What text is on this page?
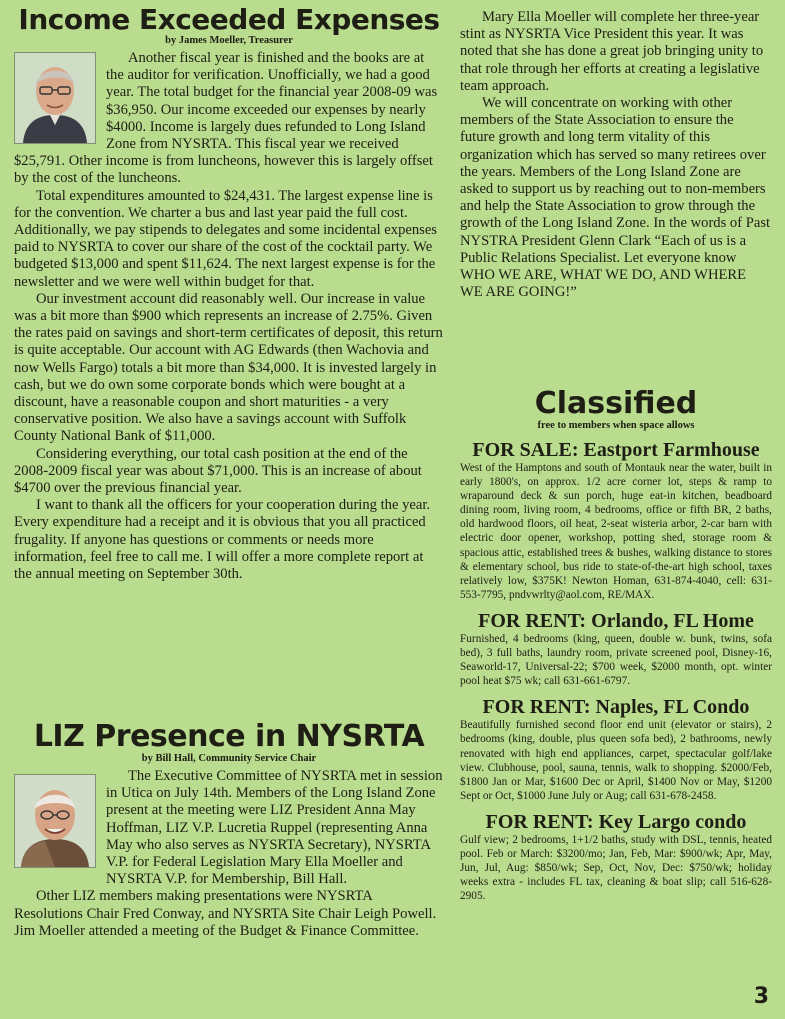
Income Exceeded Expenses
by James Moeller, Treasurer

Another fiscal year is finished and the books are at the auditor for verification. Unofficially, we had a good year. The total budget for the financial year 2008-09 was $36,950. Our income exceeded our expenses by nearly $4000. Income is largely dues refunded to Long Island Zone from NYSRTA. This fiscal year we received $25,791. Other income is from luncheons, however this is largely offset by the cost of the luncheons.

Total expenditures amounted to $24,431. The largest expense line is for the convention. We charter a bus and last year paid the full cost. Additionally, we pay stipends to delegates and some incidental expenses paid to NYSRTA to cover our share of the cost of the cocktail party. We budgeted $13,000 and spent $11,624. The next largest expense is for the newsletter and we were well within budget for that.

Our investment account did reasonably well. Our increase in value was a bit more than $900 which represents an increase of 2.75%. Given the rates paid on savings and short-term certificates of deposit, this return is quite acceptable. Our account with AG Edwards (then Wachovia and now Wells Fargo) totals a bit more than $34,000. It is invested largely in cash, but we do own some corporate bonds which were bought at a discount, have a reasonable coupon and short maturities - a very conservative position. We also have a savings account with Suffolk County National Bank of $11,000.

Considering everything, our total cash position at the end of the 2008-2009 fiscal year was about $71,000. This is an increase of about $4700 over the previous financial year.

I want to thank all the officers for your cooperation during the year. Every expenditure had a receipt and it is obvious that you all practiced frugality. If anyone has questions or comments or needs more information, feel free to call me. I will offer a more complete report at the annual meeting on September 30th.

LIZ Presence in NYSRTA
by Bill Hall, Community Service Chair

The Executive Committee of NYSRTA met in session in Utica on July 14th. Members of the Long Island Zone present at the meeting were LIZ President Anna May Hoffman, LIZ V.P. Lucretia Ruppel (representing Anna May who also serves as NYSRTA Secretary), NYSRTA V.P. for Federal Legislation Mary Ella Moeller and NYSRTA V.P. for Membership, Bill Hall.

Other LIZ members making presentations were NYSRTA Resolutions Chair Fred Conway, and NYSRTA Site Chair Leigh Powell. Jim Moeller attended a meeting of the Budget & Finance Committee.

Mary Ella Moeller will complete her three-year stint as NYSRTA Vice President this year. It was noted that she has done a great job bringing unity to that role through her efforts at creating a legislative team approach.

We will concentrate on working with other members of the State Association to ensure the future growth and long term vitality of this organization which has served so many retirees over the years. Members of the Long Island Zone are asked to support us by reaching out to non-members and help the State Association to grow through the growth of the Long Island Zone. In the words of Past NYSTRA President Glenn Clark “Each of us is a Public Relations Specialist. Let everyone know WHO WE ARE, WHAT WE DO, AND WHERE WE ARE GOING!”

Classified
free to members when space allows
FOR SALE: Eastport Farmhouse

West of the Hamptons and south of Montauk near the water, built in early 1800's, on approx. 1/2 acre corner lot, steps & ramp to wraparound deck & sun porch, huge eat-in kitchen, beadboard dining room, living room, 4 bedrooms, office or fifth BR, 2 baths, old hardwood floors, oil heat, 2-seat wisteria arbor, 2-car barn with electric door opener, workshop, potting shed, storage room & spacious attic, established trees & bushes, walking distance to stores & elementary school, bus ride to state-of-the-art high school, taxes relatively low, $375K! Newton Homan, 631-874-4040, cell: 631-553-7795, pndvwrlty@aol.com, RE/MAX.

FOR RENT: Orlando, FL Home

Furnished, 4 bedrooms (king, queen, double w. bunk, twins, sofa bed), 3 full baths, laundry room, private screened pool, Disney-16, Seaworld-17, Universal-22; $700 week, $2000 month, opt. winter pool heat $75 wk; call 631-661-6797.

FOR RENT: Naples, FL Condo

Beautifully furnished second floor end unit (elevator or stairs), 2 bedrooms (king, double, plus queen sofa bed), 2 bathrooms, newly renovated with high end appliances, carpet, spectacular golf/lake view. Clubhouse, pool, sauna, tennis, walk to shopping. $2000/Feb, $1800 Jan or Mar, $1600 Dec or April, $1400 Nov or May, $1200 Sept or Oct, $1000 June July or Aug; call 631-678-2458.

FOR RENT: Key Largo condo

Gulf view; 2 bedrooms, 1+1/2 baths, study with DSL, tennis, heated pool. Feb or March: $3200/mo; Jan, Feb, Mar: $900/wk; Apr, May, Jun, Jul, Aug: $850/wk; Sep, Oct, Nov, Dec: $750/wk; holiday weeks extra - includes FL tax, cleaning & boat slip; call 516-628-2905.

3
